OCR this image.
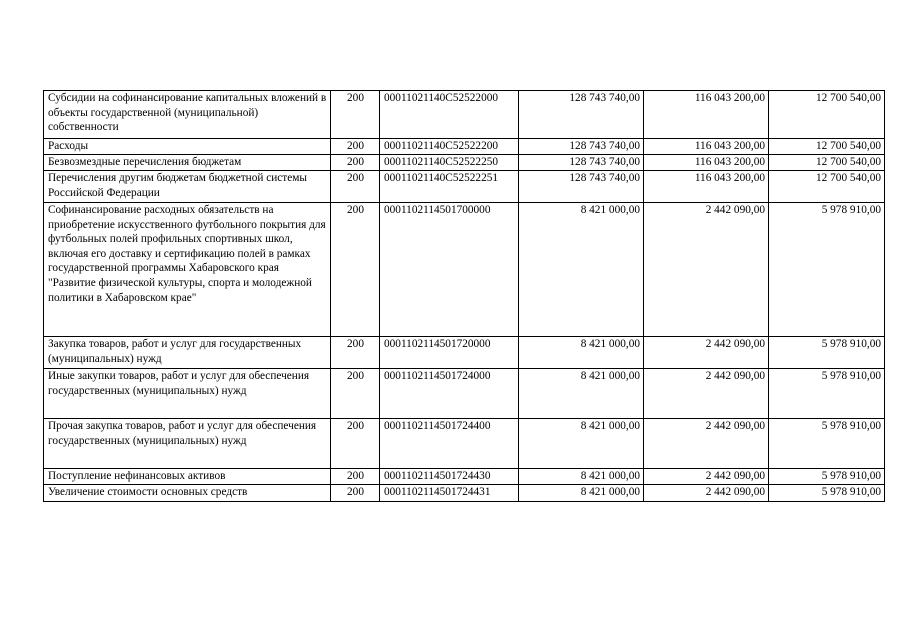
Субсидии на софинансирование капитальных вложений в объекты государственной (муниципальной) собственности	200	00011021140C52522000	128 743 740,00	116 043 200,00	12 700 540,00
Расходы	200	00011021140C52522200	128 743 740,00	116 043 200,00	12 700 540,00
Безвозмездные перечисления бюджетам	200	00011021140C52522250	128 743 740,00	116 043 200,00	12 700 540,00
Перечисления другим бюджетам бюджетной системы Российской Федерации	200	00011021140C52522251	128 743 740,00	116 043 200,00	12 700 540,00
Софинансирование расходных обязательств на приобретение искусственного футбольного покрытия для футбольных полей профильных спортивных школ, включая его доставку и сертификацию полей в рамках государственной программы Хабаровского края "Развитие физической культуры, спорта и молодежной политики в Хабаровском крае"	200	0001102114501700000	8 421 000,00	2 442 090,00	5 978 910,00
Закупка товаров, работ и услуг для государственных (муниципальных) нужд	200	0001102114501720000	8 421 000,00	2 442 090,00	5 978 910,00
Иные закупки товаров, работ и услуг для обеспечения государственных (муниципальных) нужд	200	0001102114501724000	8 421 000,00	2 442 090,00	5 978 910,00
Прочая закупка товаров, работ и услуг для обеспечения государственных (муниципальных) нужд	200	0001102114501724400	8 421 000,00	2 442 090,00	5 978 910,00
Поступление нефинансовых активов	200	0001102114501724430	8 421 000,00	2 442 090,00	5 978 910,00
Увеличение стоимости основных средств	200	0001102114501724431	8 421 000,00	2 442 090,00	5 978 910,00
